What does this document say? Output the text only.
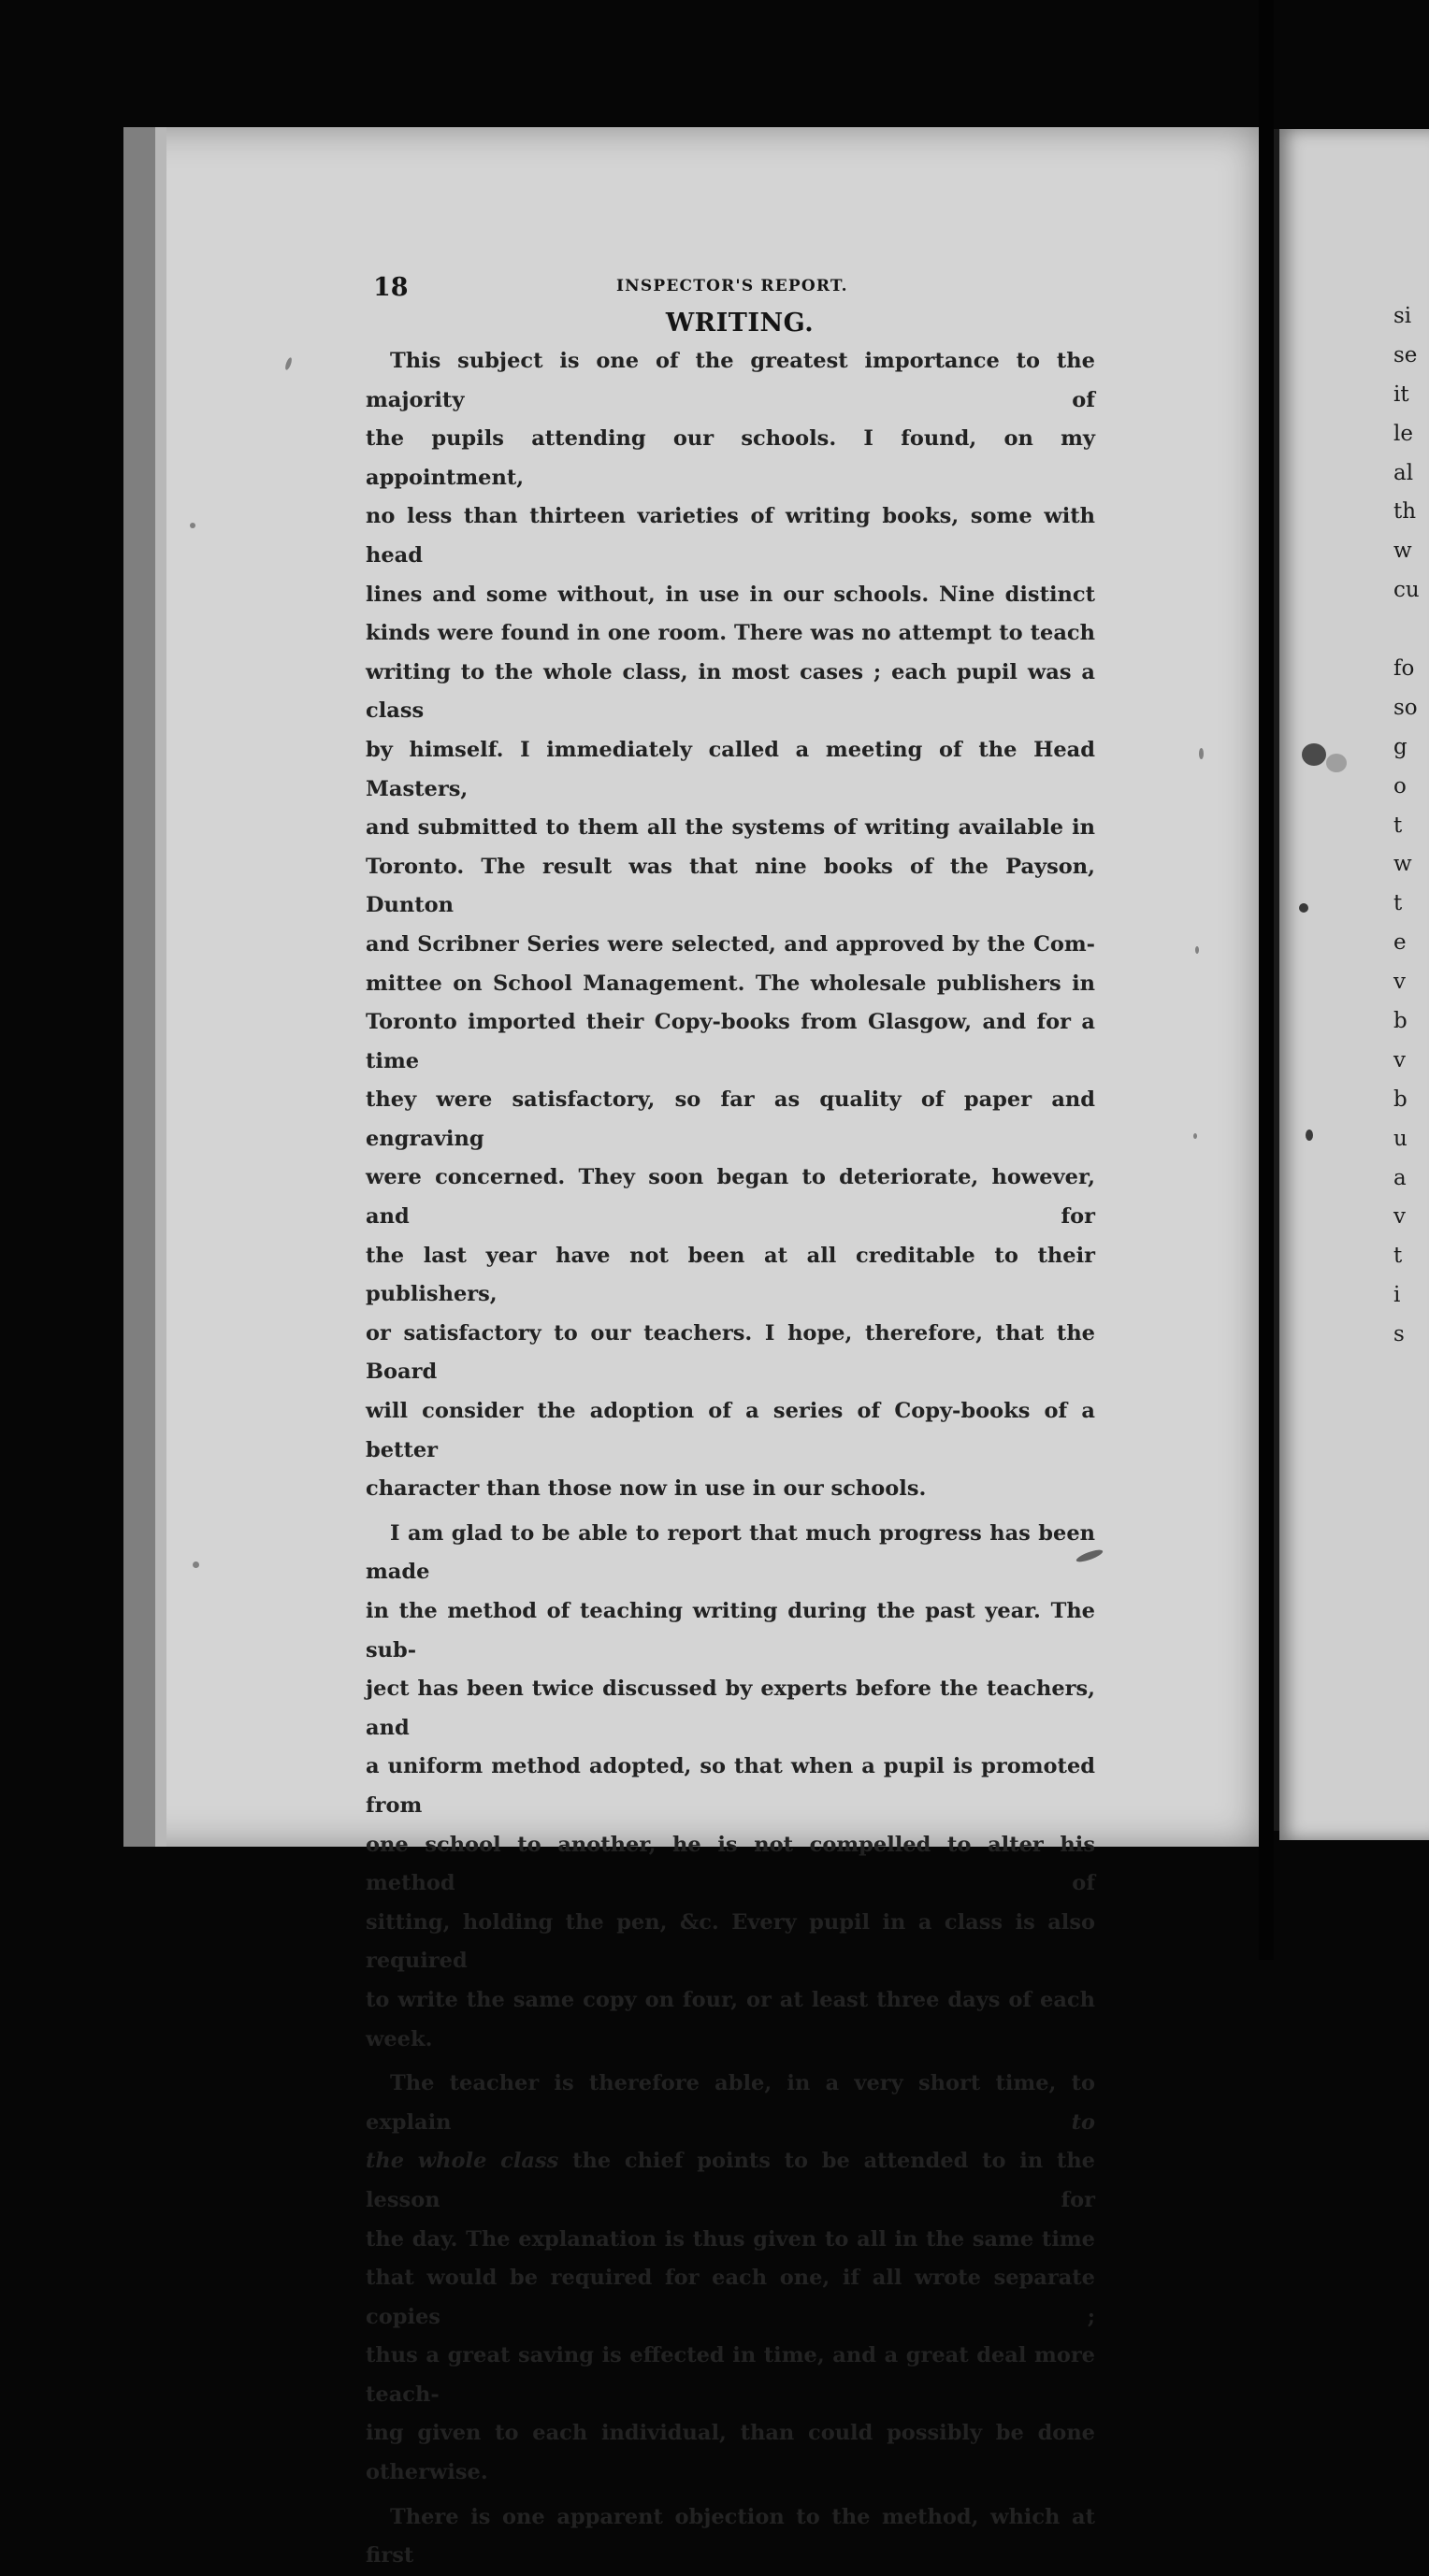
si
se
it
le
al
th
w
cu
fo
so
g
o
t
w
t
e
v
b
v
b
u
a
v
t
i
s
18	INSPECTOR'S REPORT.
WRITING.
This subject is one of the greatest importance to the majority of
the pupils attending our schools. I found, on my appointment,
no less than thirteen varieties of writing books, some with head
lines and some without, in use in our schools. Nine distinct
kinds were found in one room. There was no attempt to teach
writing to the whole class, in most cases ; each pupil was a class
by himself. I immediately called a meeting of the Head Masters,
and submitted to them all the systems of writing available in
Toronto. The result was that nine books of the Payson, Dunton
and Scribner Series were selected, and approved by the Com-
mittee on School Management. The wholesale publishers in
Toronto imported their Copy-books from Glasgow, and for a time
they were satisfactory, so far as quality of paper and engraving
were concerned. They soon began to deteriorate, however, and for
the last year have not been at all creditable to their publishers,
or satisfactory to our teachers. I hope, therefore, that the Board
will consider the adoption of a series of Copy-books of a better
character than those now in use in our schools.
I am glad to be able to report that much progress has been made
in the method of teaching writing during the past year. The sub-
ject has been twice discussed by experts before the teachers, and
a uniform method adopted, so that when a pupil is promoted from
one school to another, he is not compelled to alter his method of
sitting, holding the pen, &c. Every pupil in a class is also required
to write the same copy on four, or at least three days of each week.
The teacher is therefore able, in a very short time, to explain	to
the whole class the chief points to be attended to in the lesson for
the day. The explanation is thus given to all in the same time
that would be required for each one, if all wrote separate copies ;
thus a great saving is effected in time, and a great deal more teach-
ing given to each individual, than could possibly be done otherwise.
There is one apparent objection to the method, which at first
